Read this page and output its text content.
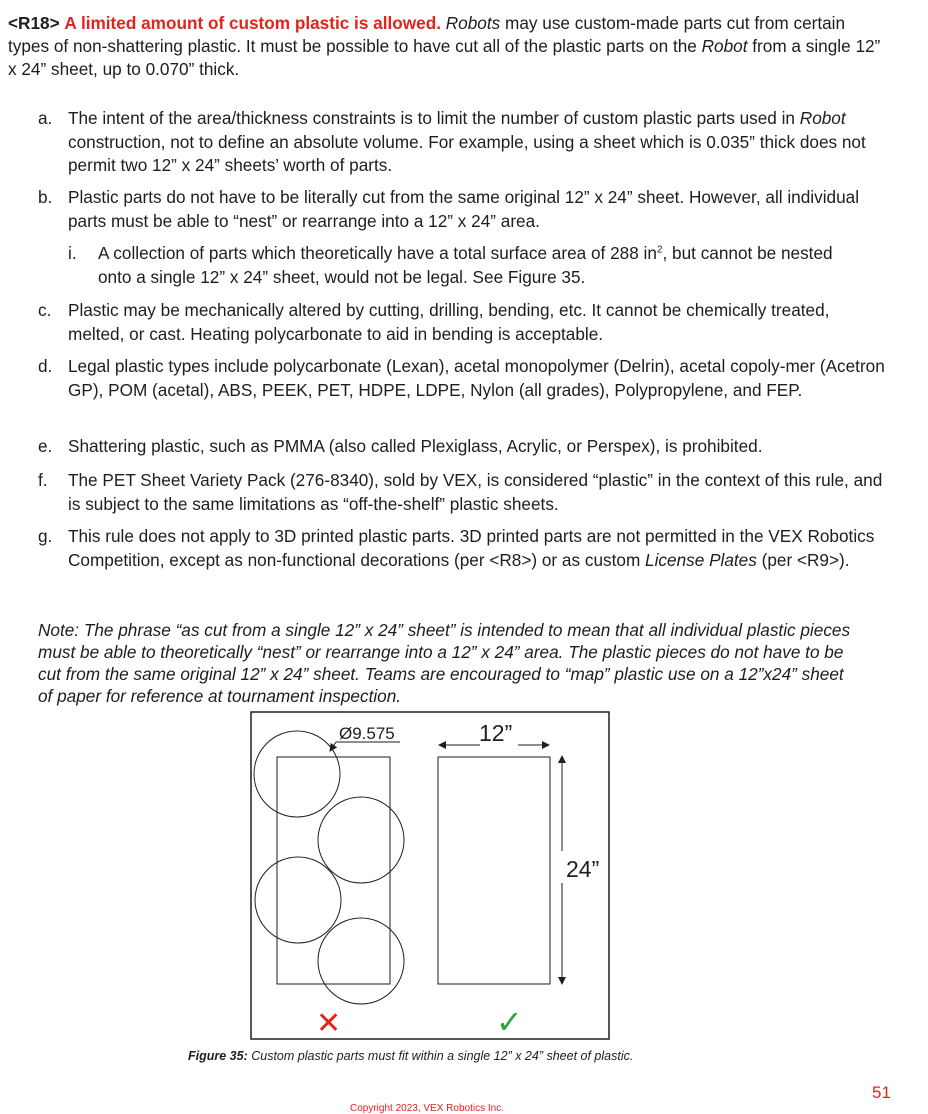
<R18> A limited amount of custom plastic is allowed. Robots may use custom-made parts cut from certain types of non-shattering plastic. It must be possible to have cut all of the plastic parts on the Robot from a single 12” x 24” sheet, up to 0.070” thick.

a. The intent of the area/thickness constraints is to limit the number of custom plastic parts used in Robot construction, not to define an absolute volume. For example, using a sheet which is 0.035” thick does not permit two 12” x 24” sheets’ worth of parts.
b. Plastic parts do not have to be literally cut from the same original 12” x 24” sheet. However, all individual parts must be able to “nest” or rearrange into a 12” x 24” area.
i. A collection of parts which theoretically have a total surface area of 288 $in^2$, but cannot be nested onto a single 12” x 24” sheet, would not be legal. See Figure 35.
c. Plastic may be mechanically altered by cutting, drilling, bending, etc. It cannot be chemically treated, melted, or cast. Heating polycarbonate to aid in bending is acceptable.
d. Legal plastic types include polycarbonate (Lexan), acetal monopolymer (Delrin), acetal copoly-mer (Acetron GP), POM (acetal), ABS, PEEK, PET, HDPE, LDPE, Nylon (all grades), Polypropylene, and FEP.
e. Shattering plastic, such as PMMA (also called Plexiglass, Acrylic, or Perspex), is prohibited.
f. The PET Sheet Variety Pack (276-8340), sold by VEX, is considered “plastic” in the context of this rule, and is subject to the same limitations as “off-the-shelf” plastic sheets.
g. This rule does not apply to 3D printed plastic parts. 3D printed parts are not permitted in the VEX Robotics Competition, except as non-functional decorations (per <R8>) or as custom License Plates (per <R9>).

Note: The phrase “as cut from a single 12” x 24” sheet” is intended to mean that all individual plastic pieces must be able to theoretically “nest” or rearrange into a 12” x 24” area. The plastic pieces do not have to be cut from the same original 12” x 24” sheet. Teams are encouraged to “map” plastic use on a 12”x24” sheet of paper for reference at tournament inspection.

Ø9.575	12”
24”
✕	✓
Figure 35: Custom plastic parts must fit within a single 12” x 24” sheet of plastic.
51
Copyright 2023, VEX Robotics Inc.
